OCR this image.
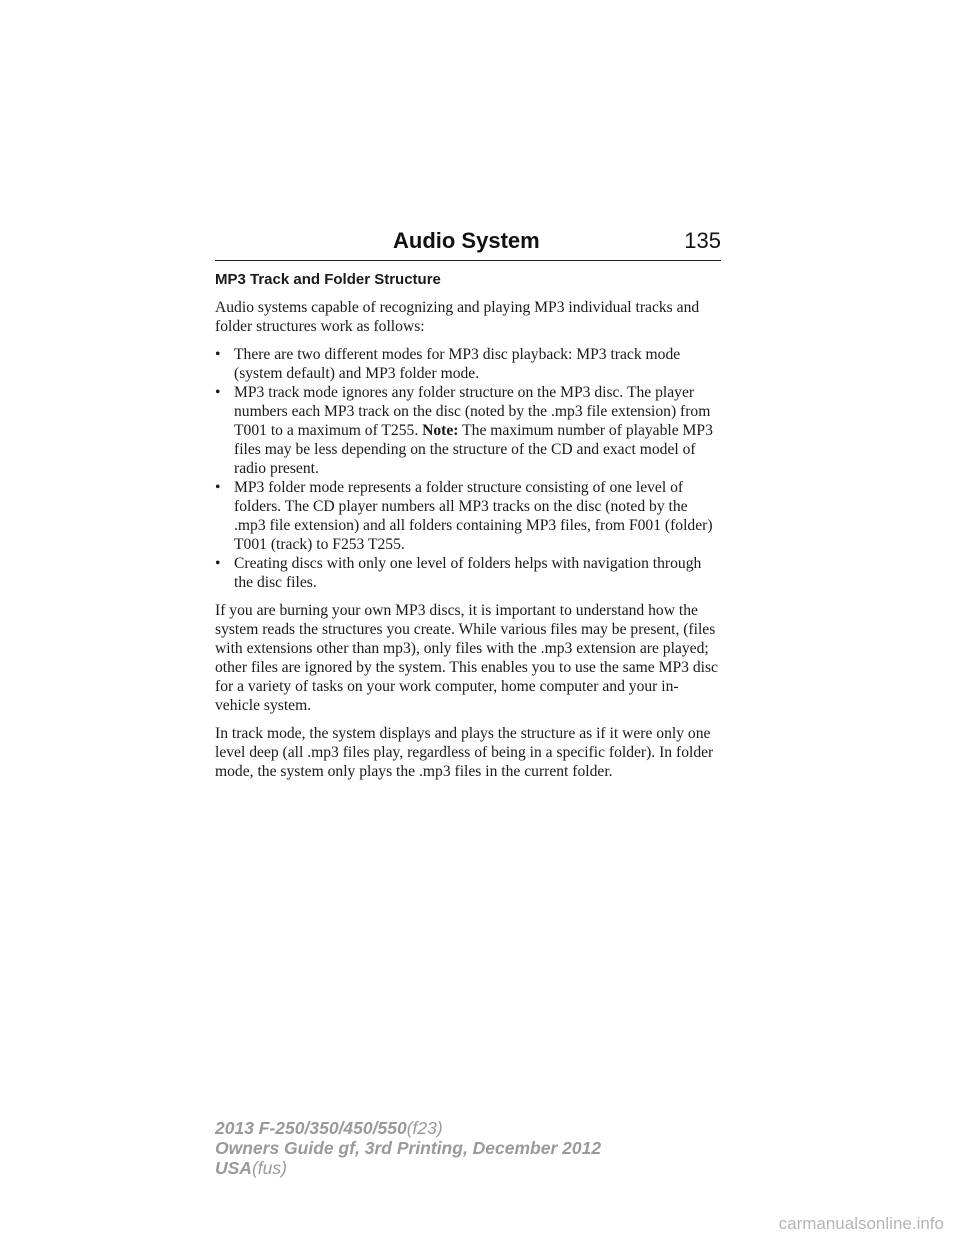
Audio System	135
MP3 Track and Folder Structure

Audio systems capable of recognizing and playing MP3 individual tracks and folder structures work as follows:

• There are two different modes for MP3 disc playback: MP3 track mode (system default) and MP3 folder mode.
• MP3 track mode ignores any folder structure on the MP3 disc. The player numbers each MP3 track on the disc (noted by the .mp3 file extension) from T001 to a maximum of T255. Note: The maximum number of playable MP3 files may be less depending on the structure of the CD and exact model of radio present.
• MP3 folder mode represents a folder structure consisting of one level of folders. The CD player numbers all MP3 tracks on the disc (noted by the .mp3 file extension) and all folders containing MP3 files, from F001 (folder) T001 (track) to F253 T255.
• Creating discs with only one level of folders helps with navigation through the disc files.

If you are burning your own MP3 discs, it is important to understand how the system reads the structures you create. While various files may be present, (files with extensions other than mp3), only files with the .mp3 extension are played; other files are ignored by the system. This enables you to use the same MP3 disc for a variety of tasks on your work computer, home computer and your in-vehicle system.

In track mode, the system displays and plays the structure as if it were only one level deep (all .mp3 files play, regardless of being in a specific folder). In folder mode, the system only plays the .mp3 files in the current folder.

2013 F-250/350/450/550(f23)
Owners Guide gf, 3rd Printing, December 2012
USA(fus)
carmanualsonline.info
